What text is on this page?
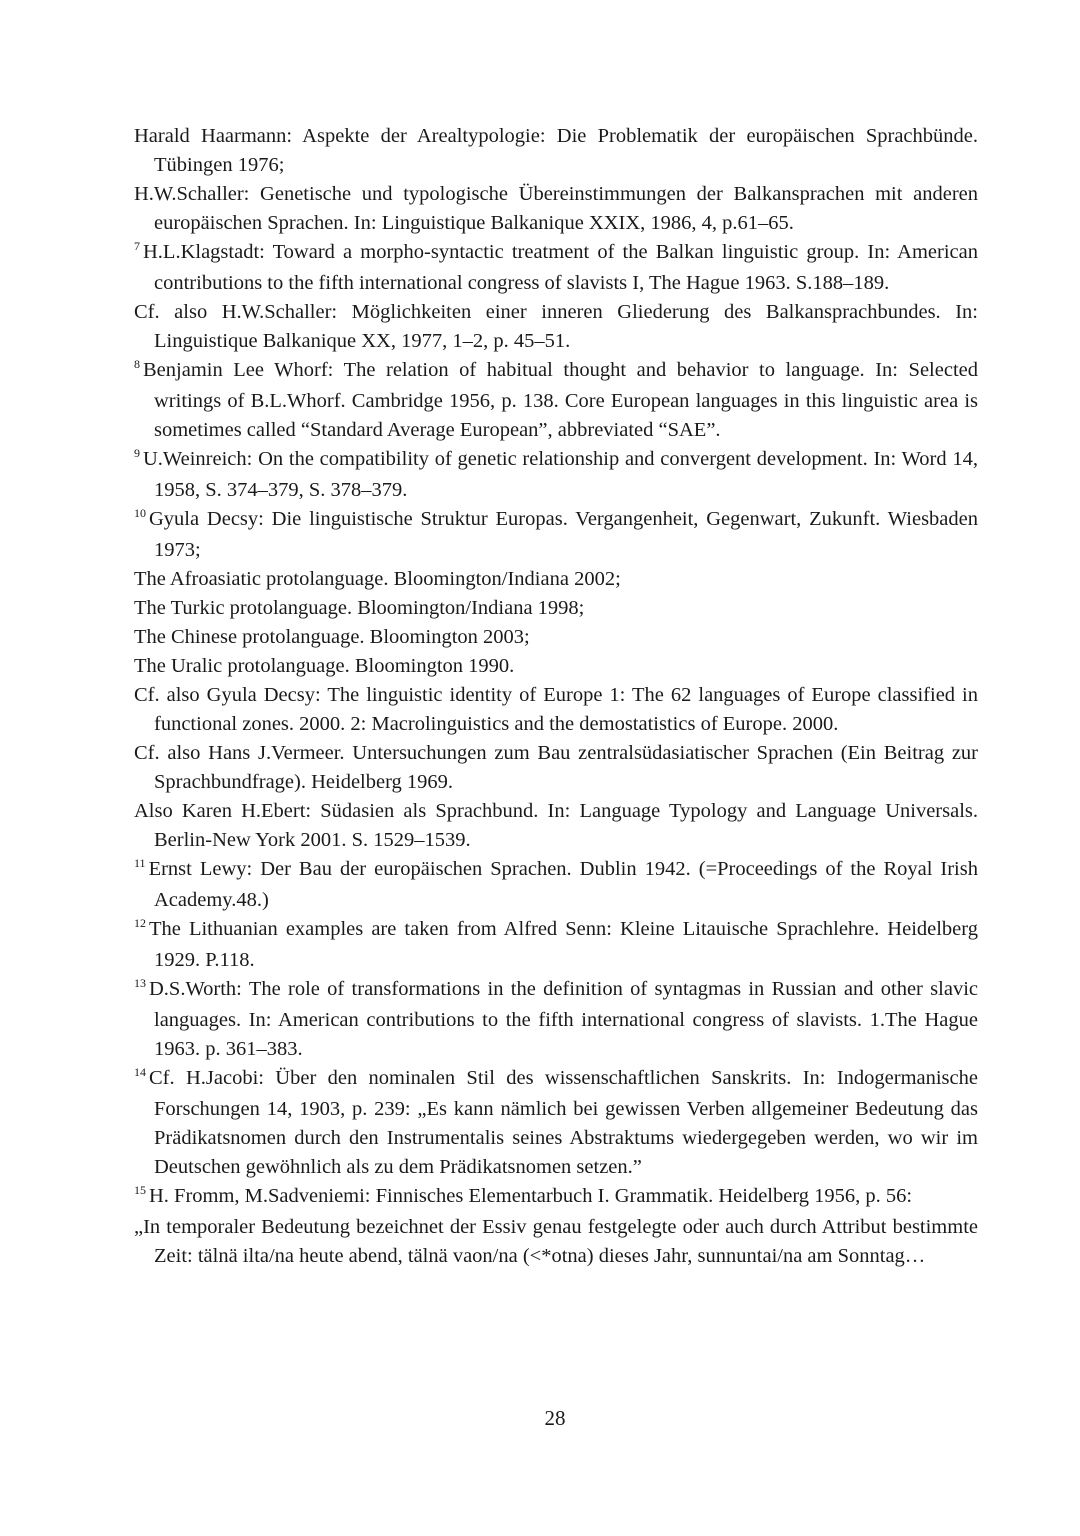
Harald Haarmann: Aspekte der Arealtypologie: Die Problematik der europäischen Sprachbünde. Tübingen 1976;

H.W.Schaller: Genetische und typologische Übereinstimmungen der Balkansprachen mit anderen europäischen Sprachen. In: Linguistique Balkanique XXIX, 1986, 4, p.61–65.

$^7$ H.L.Klagstadt: Toward a morpho-syntactic treatment of the Balkan linguistic group. In: American contributions to the fifth international congress of slavists I, The Hague 1963. S.188–189.

Cf. also H.W.Schaller: Möglichkeiten einer inneren Gliederung des Balkansprachbundes. In: Linguistique Balkanique XX, 1977, 1–2, p. 45–51.

$^8$ Benjamin Lee Whorf: The relation of habitual thought and behavior to language. In: Selected writings of B.L.Whorf. Cambridge 1956, p. 138. Core European languages in this linguistic area is sometimes called “Standard Average European”, abbreviated “SAE”.

$^9$ U.Weinreich: On the compatibility of genetic relationship and convergent development. In: Word 14, 1958, S. 374–379, S. 378–379.

$^{10}$ Gyula Decsy: Die linguistische Struktur Europas. Vergangenheit, Gegenwart, Zukunft. Wiesbaden 1973;

The Afroasiatic protolanguage. Bloomington/Indiana 2002;

The Turkic protolanguage. Bloomington/Indiana 1998;

The Chinese protolanguage. Bloomington 2003;

The Uralic protolanguage. Bloomington 1990.

Cf. also Gyula Decsy: The linguistic identity of Europe 1: The 62 languages of Europe classified in functional zones. 2000. 2: Macrolinguistics and the demostatistics of Europe. 2000.

Cf. also Hans J.Vermeer. Untersuchungen zum Bau zentralsüdasiatischer Sprachen (Ein Beitrag zur Sprachbundfrage). Heidelberg 1969.

Also Karen H.Ebert: Südasien als Sprachbund. In: Language Typology and Language Universals. Berlin-New York 2001. S. 1529–1539.

$^{11}$ Ernst Lewy: Der Bau der europäischen Sprachen. Dublin 1942. (=Proceedings of the Royal Irish Academy.48.)

$^{12}$ The Lithuanian examples are taken from Alfred Senn: Kleine Litauische Sprachlehre. Heidelberg 1929. P.118.

$^{13}$ D.S.Worth: The role of transformations in the definition of syntagmas in Russian and other slavic languages. In: American contributions to the fifth international congress of slavists. 1.The Hague 1963. p. 361–383.

$^{14}$ Cf. H.Jacobi: Über den nominalen Stil des wissenschaftlichen Sanskrits. In: Indogermanische Forschungen 14, 1903, p. 239: „Es kann nämlich bei gewissen Verben allgemeiner Bedeutung das Prädikatsnomen durch den Instrumentalis seines Abstraktums wiedergegeben werden, wo wir im Deutschen gewöhnlich als zu dem Prädikatsnomen setzen.”

$^{15}$ H. Fromm, M.Sadveniemi: Finnisches Elementarbuch I. Grammatik. Heidelberg 1956, p. 56:

„In temporaler Bedeutung bezeichnet der Essiv genau festgelegte oder auch durch Attribut bestimmte Zeit: tälnä ilta/na heute abend, tälnä vaon/na (<*otna) dieses Jahr, sunnuntai/na am Sonntag…

28
